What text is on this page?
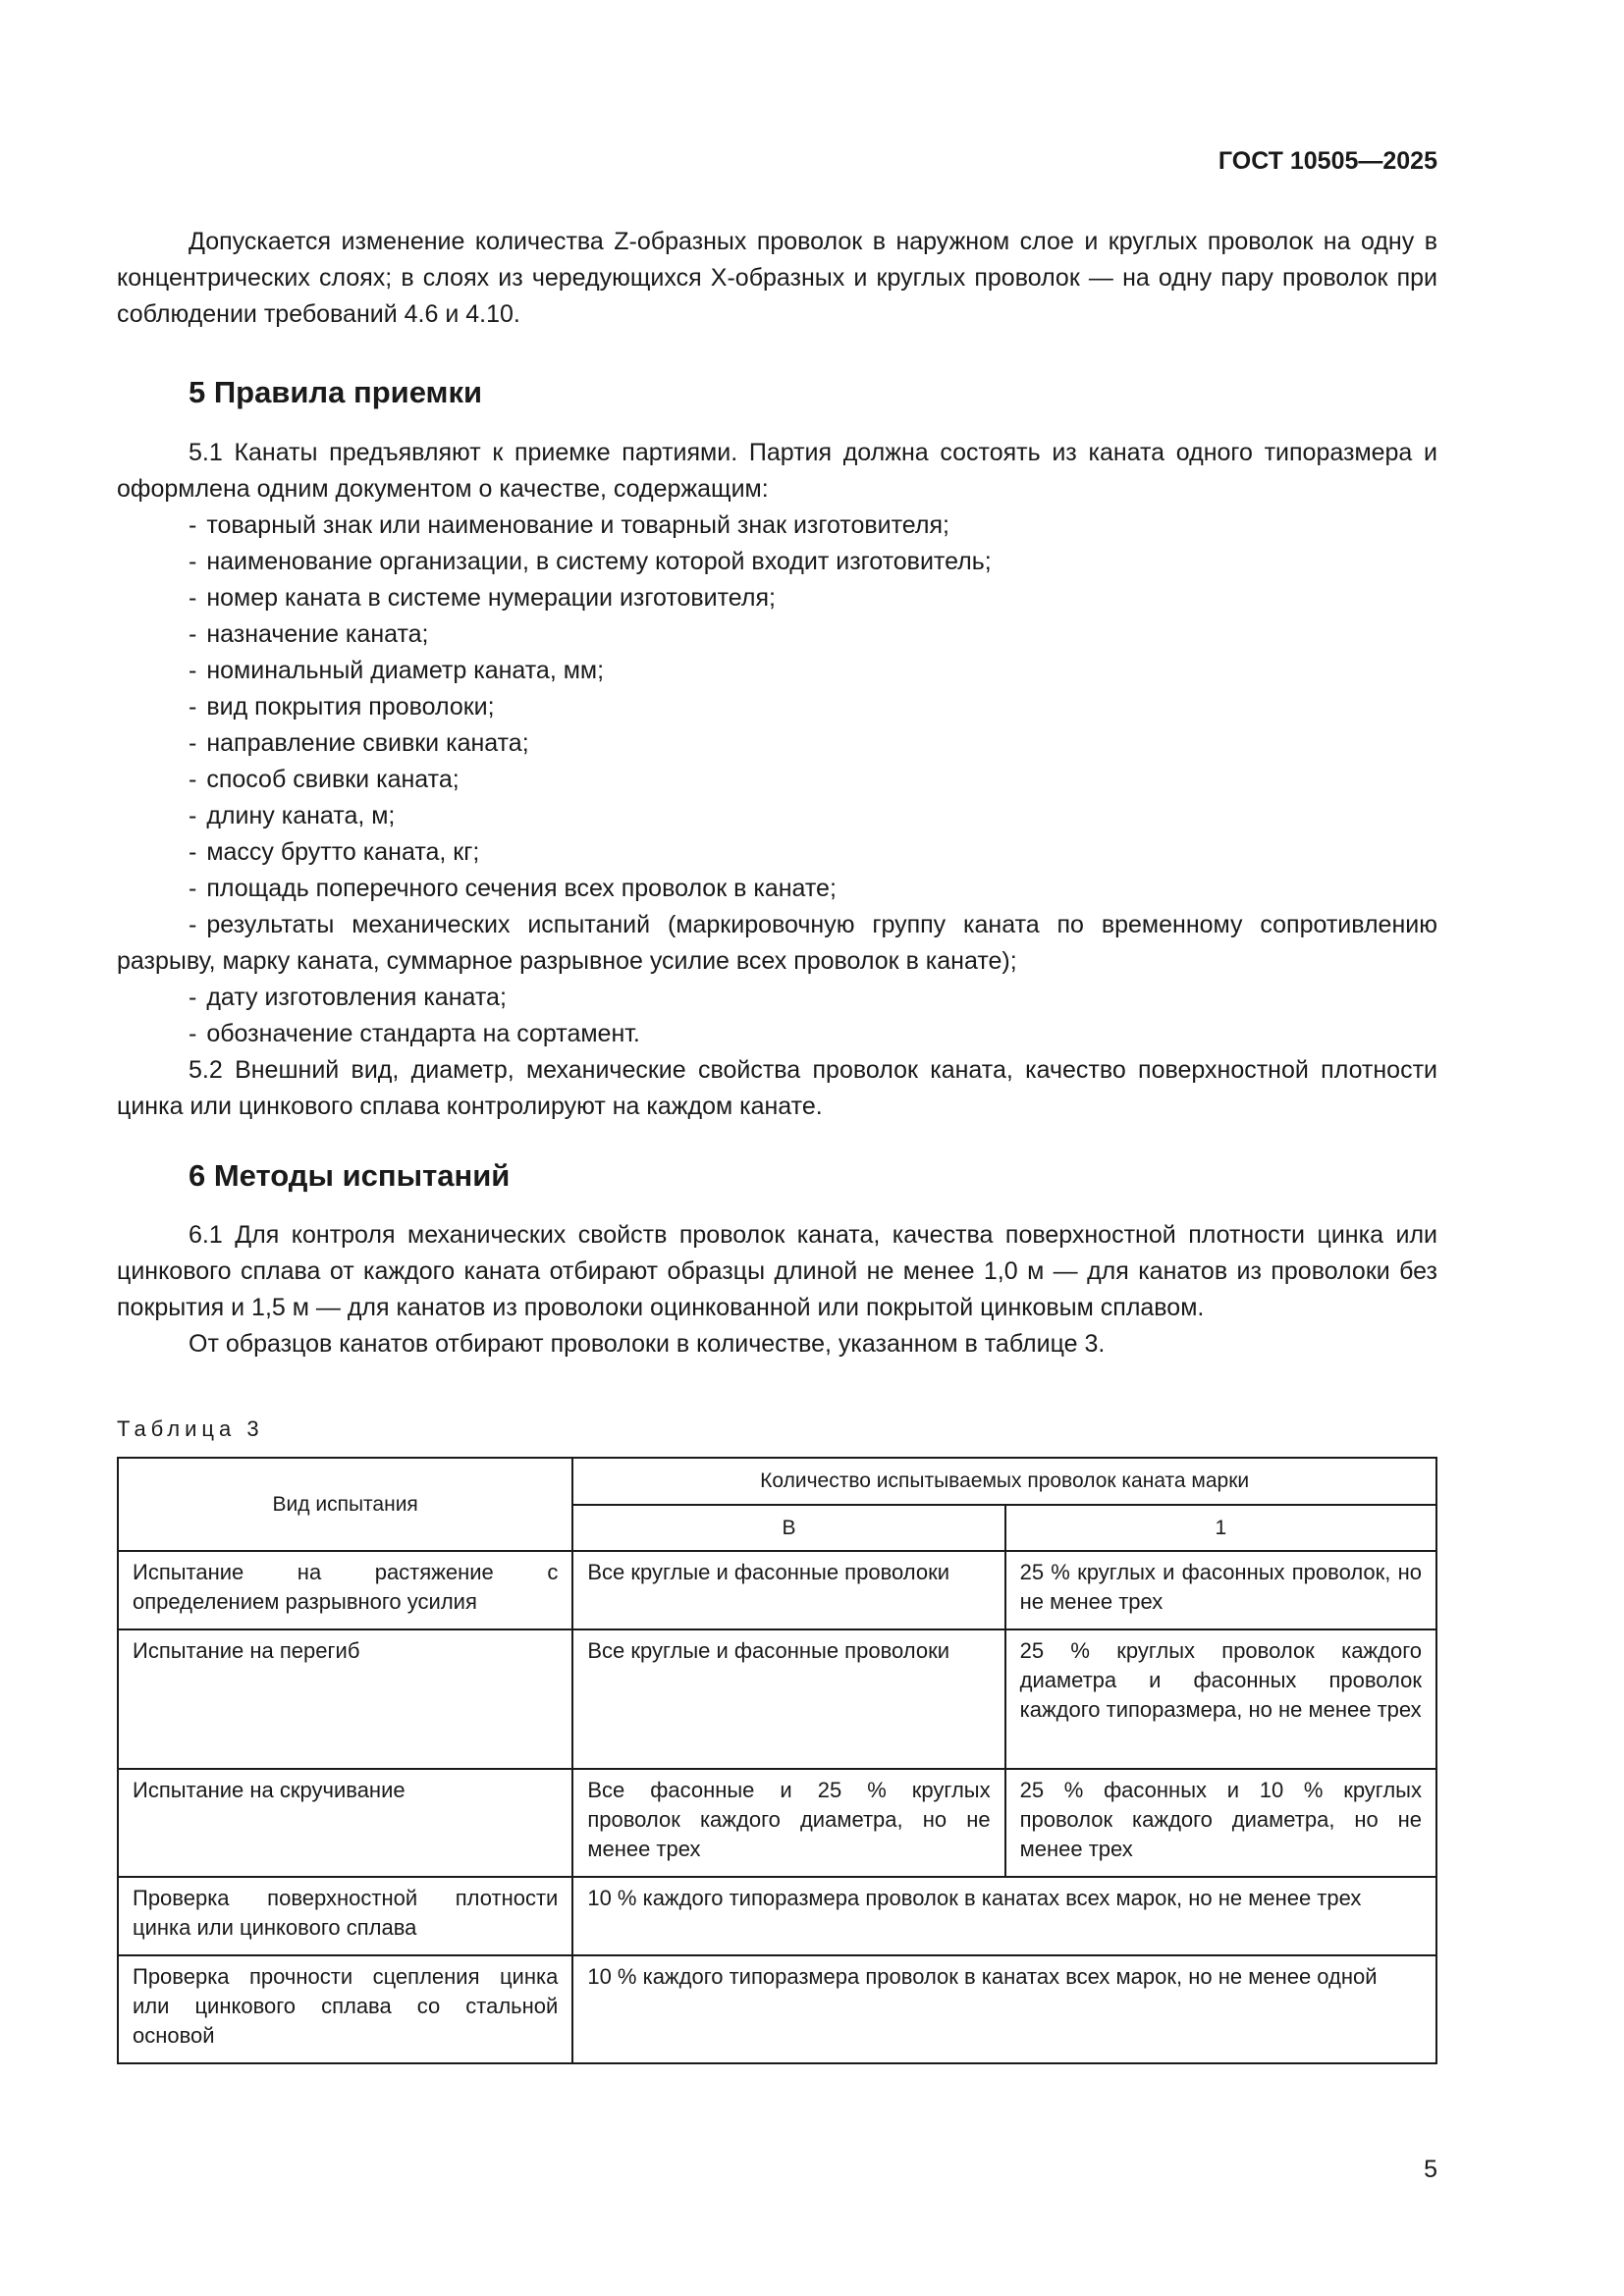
ГОСТ 10505—2025

Допускается изменение количества Z-образных проволок в наружном слое и круглых проволок на одну в концентрических слоях; в слоях из чередующихся Х-образных и круглых проволок — на одну пару проволок при соблюдении требований 4.6 и 4.10.

5 Правила приемки

5.1 Канаты предъявляют к приемке партиями. Партия должна состоять из каната одного типоразмера и оформлена одним документом о качестве, содержащим:

- товарный знак или наименование и товарный знак изготовителя;
- наименование организации, в систему которой входит изготовитель;
- номер каната в системе нумерации изготовителя;
- назначение каната;
- номинальный диаметр каната, мм;
- вид покрытия проволоки;
- направление свивки каната;
- способ свивки каната;
- длину каната, м;
- массу брутто каната, кг;
- площадь поперечного сечения всех проволок в канате;
- результаты механических испытаний (маркировочную группу каната по временному сопротивлению разрыву, марку каната, суммарное разрывное усилие всех проволок в канате);
- дату изготовления каната;
- обозначение стандарта на сортамент.

5.2 Внешний вид, диаметр, механические свойства проволок каната, качество поверхностной плотности цинка или цинкового сплава контролируют на каждом канате.

6 Методы испытаний

6.1 Для контроля механических свойств проволок каната, качества поверхностной плотности цинка или цинкового сплава от каждого каната отбирают образцы длиной не менее 1,0 м — для канатов из проволоки без покрытия и 1,5 м — для канатов из проволоки оцинкованной или покрытой цинковым сплавом.

От образцов канатов отбирают проволоки в количестве, указанном в таблице 3.

Таблица 3
Вид испытания	Количество испытываемых проволок каната марки	
	В	1
Испытание на растяжение с определением разрывного усилия	Все круглые и фасонные проволоки	25 % круглых и фасонных проволок, но не менее трех
Испытание на перегиб	Все круглые и фасонные проволоки	25 % круглых проволок каждого диаметра и фасонных проволок каждого типоразмера, но не менее трех
Испытание на скручивание	Все фасонные и 25 % круглых проволок каждого диаметра, но не менее трех	25 % фасонных и 10 % круглых проволок каждого диаметра, но не менее трех
Проверка поверхностной плотности цинка или цинкового сплава	10 % каждого типоразмера проволок в канатах всех марок, но не менее трех	
Проверка прочности сцепления цинка или цинкового сплава со стальной основой	10 % каждого типоразмера проволок в канатах всех марок, но не менее одной	
5
